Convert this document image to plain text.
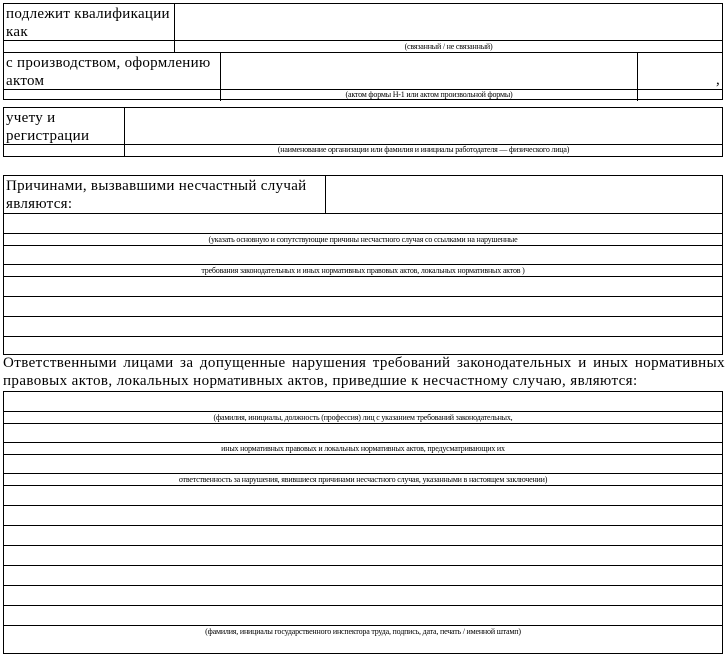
подлежит квалификации как
(связанный / не связанный)
с производством, оформлению актом	,
(актом формы Н-1 или актом произвольной формы)
учету и регистрации
(наименование организации или фамилия и инициалы работодателя — физического лица)
Причинами, вызвавшими несчастный случай являются:
(указать основную и сопутствующие причины несчастного случая со ссылками на нарушенные
требования законодательных и иных нормативных правовых актов, локальных нормативных актов )
Ответственными лицами за допущенные нарушения требований законодательных и иных нормативных правовых актов, локальных нормативных актов, приведшие к несчастному случаю, являются:
(фамилия, инициалы, должность (профессия) лиц с указанием требований законодательных,
иных нормативных правовых и локальных нормативных актов, предусматривающих их
ответственность за нарушения, явившиеся причинами несчастного случая, указанными в настоящем заключении)
(фамилия, инициалы государственного инспектора труда, подпись, дата, печать / именной штамп)
